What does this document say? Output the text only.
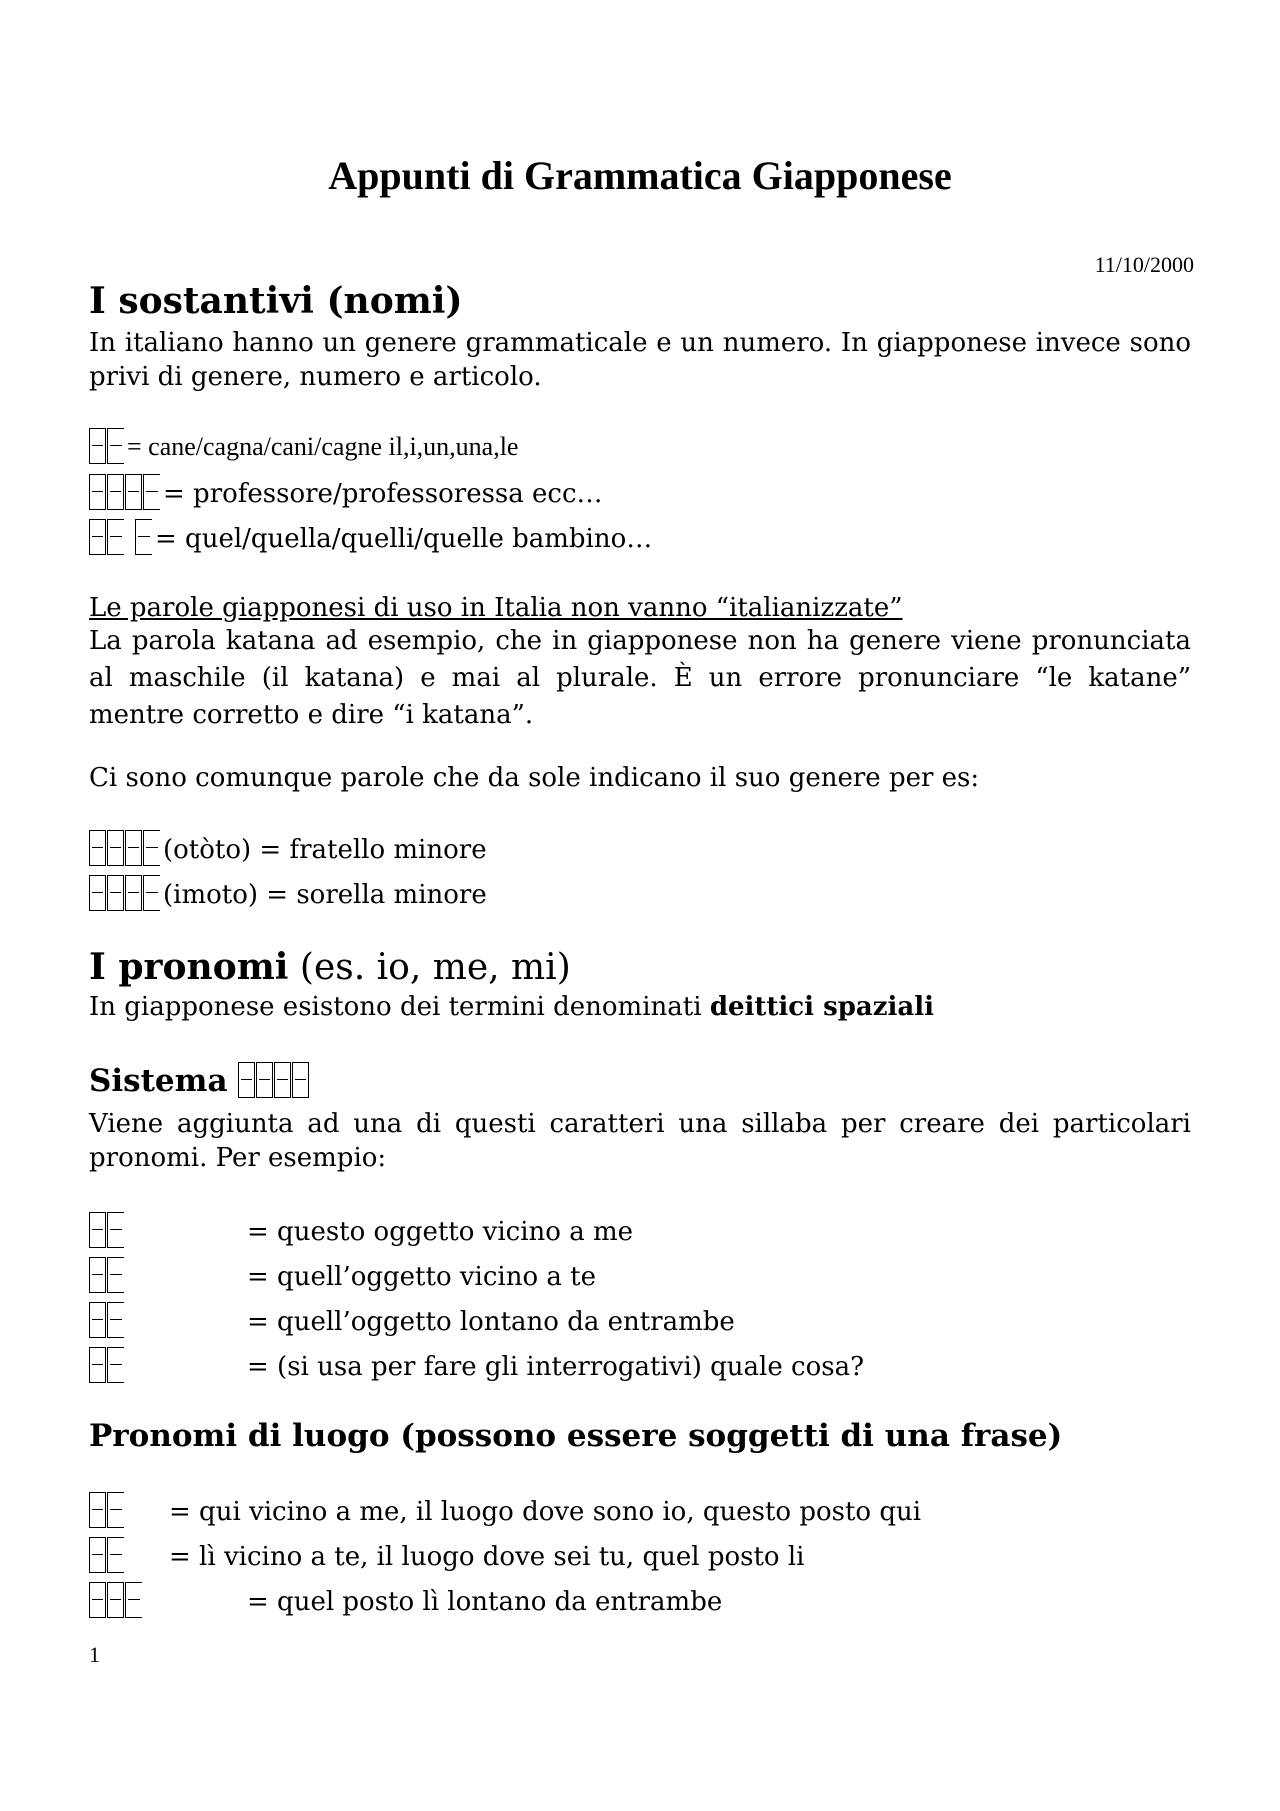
Appunti di Grammatica Giapponese
11/10/2000
I sostantivi (nomi)
In italiano hanno un genere grammaticale e un numero. In giapponese invece sono privi di genere, numero e articolo.
= cane/cagna/cani/cagne il,i,un,una,le
= professore/professoressa ecc…
= quel/quella/quelli/quelle bambino…
Le parole giapponesi di uso in Italia non vanno “italianizzate”
La parola katana ad esempio, che in giapponese non ha genere viene pronunciata al maschile (il katana) e mai al plurale. È un errore pronunciare “le katane” mentre corretto e dire “i katana”.
Ci sono comunque parole che da sole indicano il suo genere per es:
(otòto) = fratello minore
(imoto) = sorella minore
I pronomi (es. io, me, mi)
In giapponese esistono dei termini denominati deittici spaziali
Sistema
Viene aggiunta ad una di questi caratteri una sillaba per creare dei particolari pronomi. Per esempio:
= questo oggetto vicino a me
= quell’oggetto vicino a te
= quell’oggetto lontano da entrambe
= (si usa per fare gli interrogativi) quale cosa?
Pronomi di luogo (possono essere soggetti di una frase)
= qui vicino a me, il luogo dove sono io, questo posto qui
= lì vicino a te, il luogo dove sei tu, quel posto li
= quel posto lì lontano da entrambe
1
